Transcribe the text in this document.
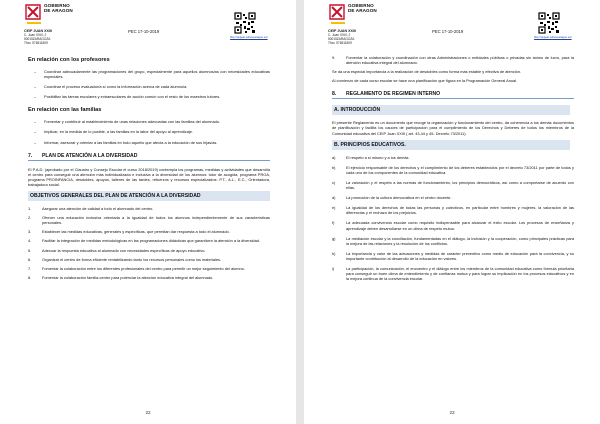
GOBIERNO
DE ARAGON
CEIP JUAN XXIII
C. Juan XXIII, 2
50015ZARAGOZA
Tfno: 976511809
PEC 17-10-2019
http://cpjuan.educa.aragon.es/
En relación con los profesores
– Coordinar adecuadamente las programaciones del grupo, especialmente para aquellos alumnos/as con necesidades educativas especiales.
– Coordinar el proceso evaluador/a sí como la información acerca de cada alumno/a.
– Posibilitar las tareas escolares y extraescolares de acción común con el resto de los maestros tutores.
En relación con las familias
– Fomentar y contribuir al establecimiento de unas relaciones adecuadas con las familias del alumnado.
– Implicar, en la medida de lo posible, a las familias en la labor del apoyo al aprendizaje.
– Informar, asesorar y orientar a las familias en todo aquello que afecta a la educación de sus hijas/as.
7.	PLAN DE ATENCIÓN A LA DIVERSIDAD
El P.A.D. (aprobado por el Claustro y Consejo Escolar el curso 2018/2019) contempla los programas, medidas y actividades que desarrolla el centro para conseguir una atención más individualizada e inclusiva a la diversidad de los alumnos: tutor de acogida, programa PROA, programa PROINFANCIA, desdobles, apoyos, talleres de las tardes, refuerzos y recursos especializados: P.T., A.L., E.C., Orientadora, trabajadora social.
OBJETIVOS GENERALES DEL PLAN DE ATENCIÓN A LA DIVERSIDAD
1.	Asegurar una atención de calidad a todo el alumnado del centro.
2.	Ofrecer una educación inclusiva orientada a la igualdad de todos los alumnos independientemente de sus características personales.
3.	Establecer las medidas educativas, generales y específicas, que permitan dar respuesta a todo el alumnado.
4.	Facilitar la integración de medidas metodológicas en las programaciones didácticas que garanticen la atención a la diversidad.
5.	Adecuar la respuesta educativa al alumnado con necesidades específicas de apoyo educativo.
6.	Organizar el centro de forma eficiente rentabilizando tanto los recursos personales como los materiales.
7.	Fomentar la colaboración entre los diferentes profesionales del centro para permitir un mejor seguimiento del alumno.
8.	Fomentar la colaboración familia-centro para potenciar la atención educativa integral del alumnado.
22
GOBIERNO
DE ARAGON
CEIP JUAN XXIII
C. Juan XXIII, 2
50015ZARAGOZA
Tfno: 976511809
PEC 17-10-2019
http://cpjuan.educa.aragon.es/
9.	Fomentar la colaboración y coordinación con otras Administraciones o entidades públicas o privadas sin ánimo de lucro, para la atención educativa integral del alumnado.
Se da una especial importancia a la realización de desdobles como forma más estable y efectiva de atención.
Al comienzo de cada curso escolar se hace una planificación que figura en la Programación General Anual.
8.	REGLAMENTO DE REGIMEN INTERNO
A. INTRODUCCIÓN
El presente Reglamento es un documento que recoge la organización y funcionamiento del centro, da coherencia a los demás documentos de planificación y facilita los cauces de participación para el cumplimiento de los Derechos y Deberes de todos los miembros de la Comunidad educativa del CEIP Juan XXIII ( art. 43,44 y 45- Decreto 73/2011).
B. PRINCIPIOS EDUCATIVOS.
a)	El respeto a sí mismo y a los demás.
b)	El ejercicio responsable de los derechos y el cumplimiento de los deberes establecidos por el decreto 73/2011 por parte de todos y cada uno de los componentes de la comunidad educativa.
c)	La valoración y el respeto a las normas de funcionamiento, los principios democráticos, así como a comportarse de acuerdo con ellas.
d)	La promoción de la cultura democrática en el centro docente.
e)	La igualdad de los derechos de todas las personas y colectivos, en particular entre hombres y mujeres, la valoración de las diferencias y el rechazo de los prejuicios.
f)	La adecuada convivencia escolar como requisito indispensable para alcanzar el éxito escolar. Los procesos de enseñanza y aprendizaje deben desarrollarse en un clima de respeto mutuo.
g)	La mediación escolar y la conciliación, fundamentadas en el diálogo, la inclusión y la cooperación, como principales prácticas para la mejora de las relaciones y la resolución de los conflictos.
h)	La importancia y valor de las actuaciones y medidas de carácter preventivo como medio de educación para la convivencia, y su importante contribución al desarrollo de la educación en valores.
i)	La participación, la comunicación, el encuentro y el diálogo entre los miembros de la comunidad educativa como fórmula prioritaria para conseguir un buen clima de entendimiento y de confianza mutua y para lograr su implicación en los procesos educativos y en la mejora continua de la convivencia escolar.
23
